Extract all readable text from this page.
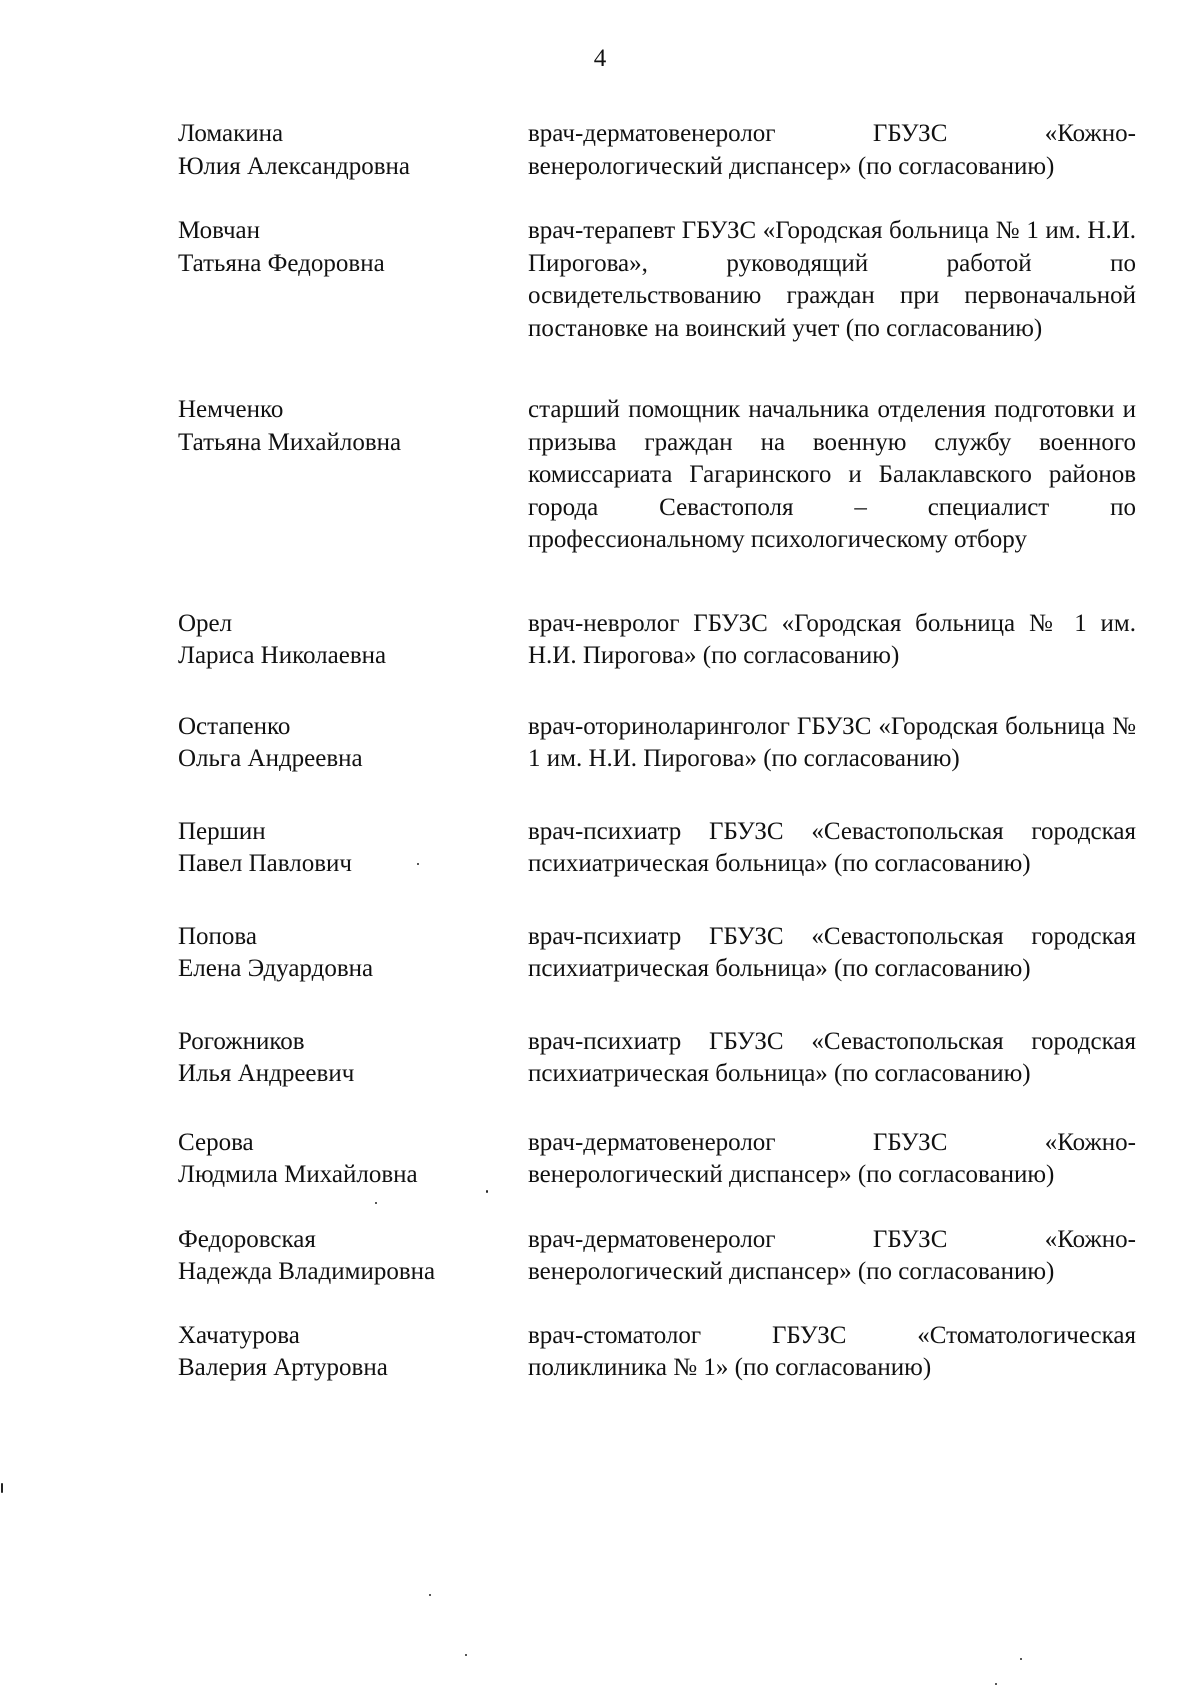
4
Ломакина
Юлия Александровна
врач-дерматовенеролог ГБУЗС «Кожно-венерологический диспансер» (по согласованию)
Мовчан
Татьяна Федоровна
врач-терапевт ГБУЗС «Городская больница № 1 им. Н.И. Пирогова», руководящий работой по освидетельствованию граждан при первоначальной постановке на воинский учет (по согласованию)
Немченко
Татьяна Михайловна
старший помощник начальника отделения подготовки и призыва граждан на военную службу военного комиссариата Гагаринского и Балаклавского районов города Севастополя – специалист по профессиональному психологическому отбору
Орел
Лариса Николаевна
врач-невролог ГБУЗС «Городская больница № 1 им. Н.И. Пирогова» (по согласованию)
Остапенко
Ольга Андреевна
врач-оториноларинголог ГБУЗС «Городская больница № 1 им. Н.И. Пирогова» (по согласованию)
Першин
Павел Павлович
врач-психиатр ГБУЗС «Севастопольская городская психиатрическая больница» (по согласованию)
Попова
Елена Эдуардовна
врач-психиатр ГБУЗС «Севастопольская городская психиатрическая больница» (по согласованию)
Рогожников
Илья Андреевич
врач-психиатр ГБУЗС «Севастопольская городская психиатрическая больница» (по согласованию)
Серова
Людмила Михайловна
врач-дерматовенеролог ГБУЗС «Кожно-венерологический диспансер» (по согласованию)
Федоровская
Надежда Владимировна
врач-дерматовенеролог ГБУЗС «Кожно-венерологический диспансер» (по согласованию)
Хачатурова
Валерия Артуровна
врач-стоматолог ГБУЗС «Стоматологическая поликлиника № 1» (по согласованию)
